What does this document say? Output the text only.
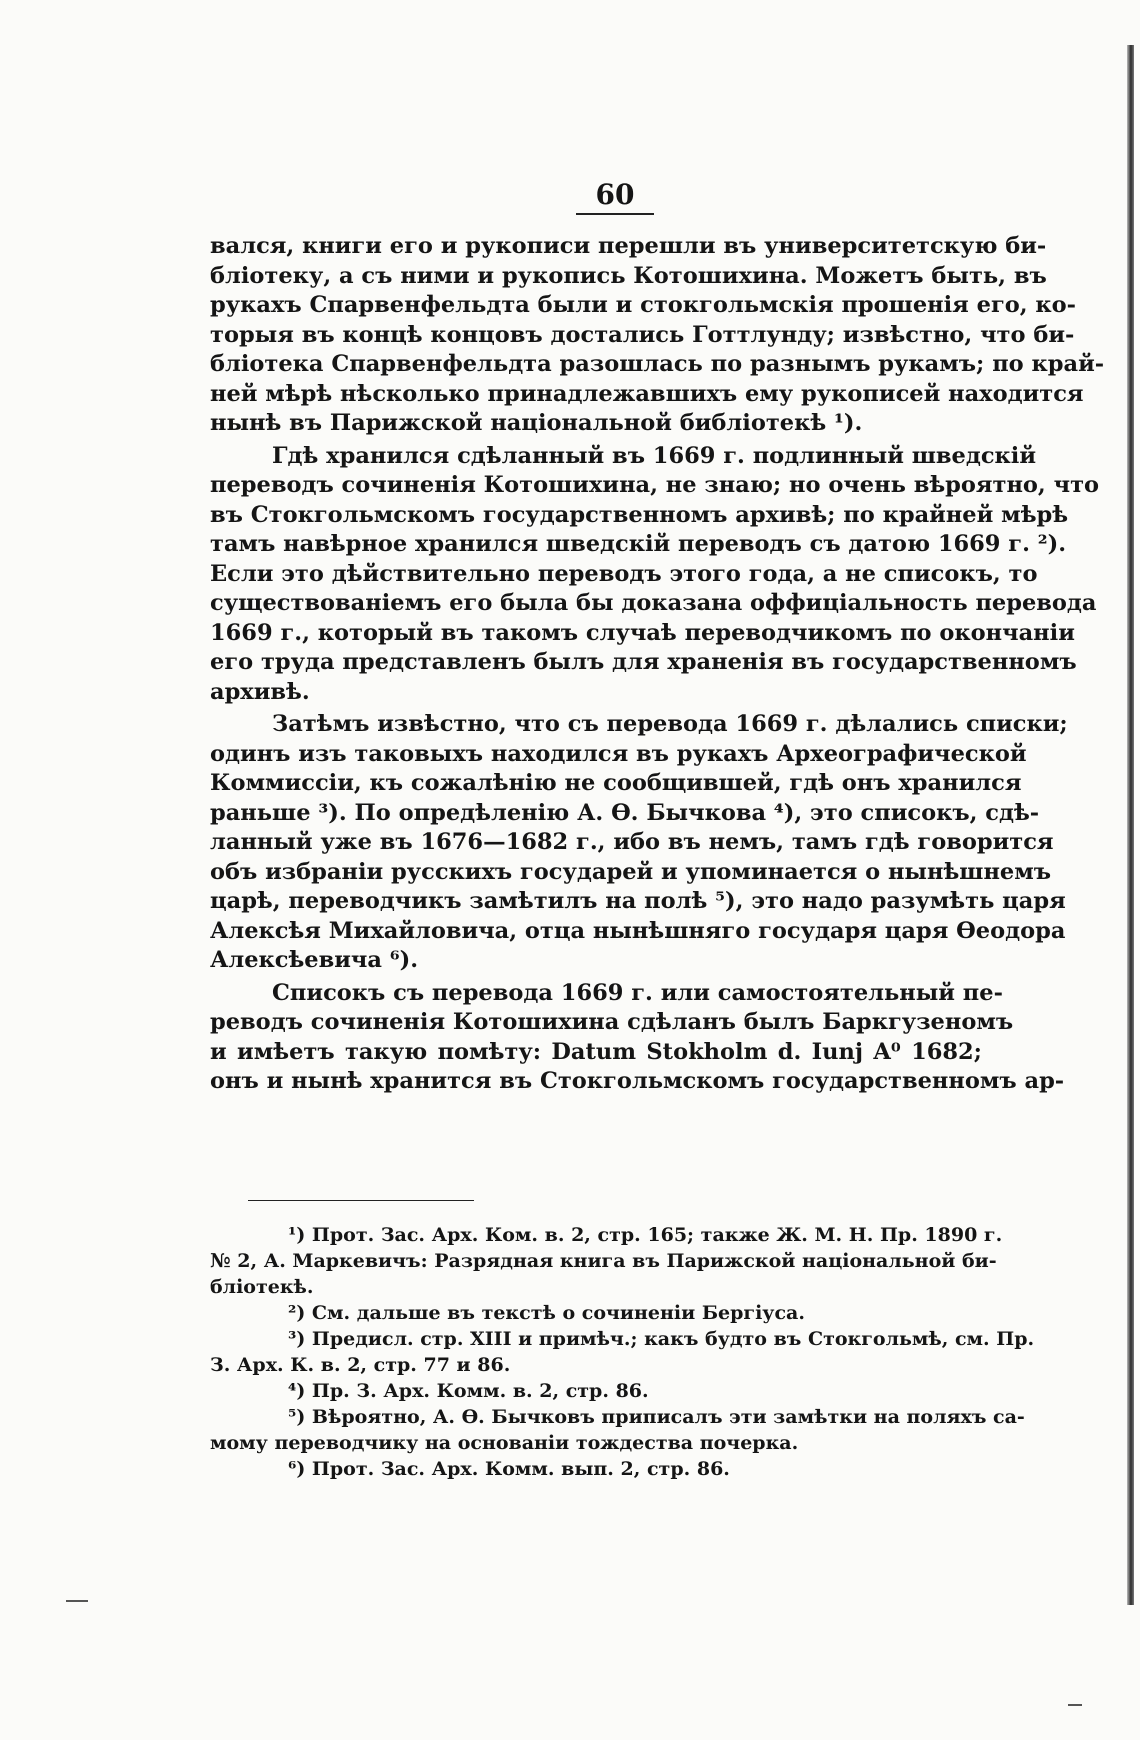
60
вался, книги его и рукописи перешли въ университетскую би-
бліотеку, а съ ними и рукопись Котошихина. Можетъ быть, въ
рукахъ Спарвенфельдта были и стокгольмскія прошенія его, ко-
торыя въ концѣ концовъ достались Готтлунду; извѣстно, что би-
бліотека Спарвенфельдта разошлась по разнымъ рукамъ; по край-
ней мѣрѣ нѣсколько принадлежавшихъ ему рукописей находится
нынѣ въ Парижской національной библіотекѣ ¹).
Гдѣ хранился сдѣланный въ 1669 г. подлинный шведскій
переводъ сочиненія Котошихина, не знаю; но очень вѣроятно, что
въ Стокгольмскомъ государственномъ архивѣ; по крайней мѣрѣ
тамъ навѣрное хранился шведскій переводъ съ датою 1669 г. ²).
Если это дѣйствительно переводъ этого года, а не списокъ, то
существованіемъ его была бы доказана оффиціальность перевода
1669 г., который въ такомъ случаѣ переводчикомъ по окончаніи
его труда представленъ былъ для храненія въ государственномъ
архивѣ.
Затѣмъ извѣстно, что съ перевода 1669 г. дѣлались списки;
одинъ изъ таковыхъ находился въ рукахъ Археографической
Коммиссіи, къ сожалѣнію не сообщившей, гдѣ онъ хранился
раньше ³). По опредѣленію А. Ѳ. Бычкова ⁴), это списокъ, сдѣ-
ланный уже въ 1676—1682 г., ибо въ немъ, тамъ гдѣ говорится
объ избраніи русскихъ государей и упоминается о нынѣшнемъ
царѣ, переводчикъ замѣтилъ на полѣ ⁵), это надо разумѣть царя
Алексѣя Михайловича, отца нынѣшняго государя царя Ѳеодора
Алексѣевича ⁶).
Списокъ съ перевода 1669 г. или самостоятельный пе-
реводъ сочиненія Котошихина сдѣланъ былъ Баркгузеномъ
и имѣетъ такую помѣту: Datum Stokholm d. Iunj A⁰ 1682;
онъ и нынѣ хранится въ Стокгольмскомъ государственномъ ар-
¹) Прот. Зас. Арх. Ком. в. 2, стр. 165; также Ж. М. Н. Пр. 1890 г.
№ 2, А. Маркевичъ: Разрядная книга въ Парижской національной би-
бліотекѣ.
²) См. дальше въ текстѣ о сочиненіи Бергіуса.
³) Предисл. стр. XIII и примѣч.; какъ будто въ Стокгольмѣ, см. Пр.
З. Арх. К. в. 2, стр. 77 и 86.
⁴) Пр. З. Арх. Комм. в. 2, стр. 86.
⁵) Вѣроятно, А. Ѳ. Бычковъ приписалъ эти замѣтки на поляхъ са-
мому переводчику на основаніи тождества почерка.
⁶) Прот. Зас. Арх. Комм. вып. 2, стр. 86.
